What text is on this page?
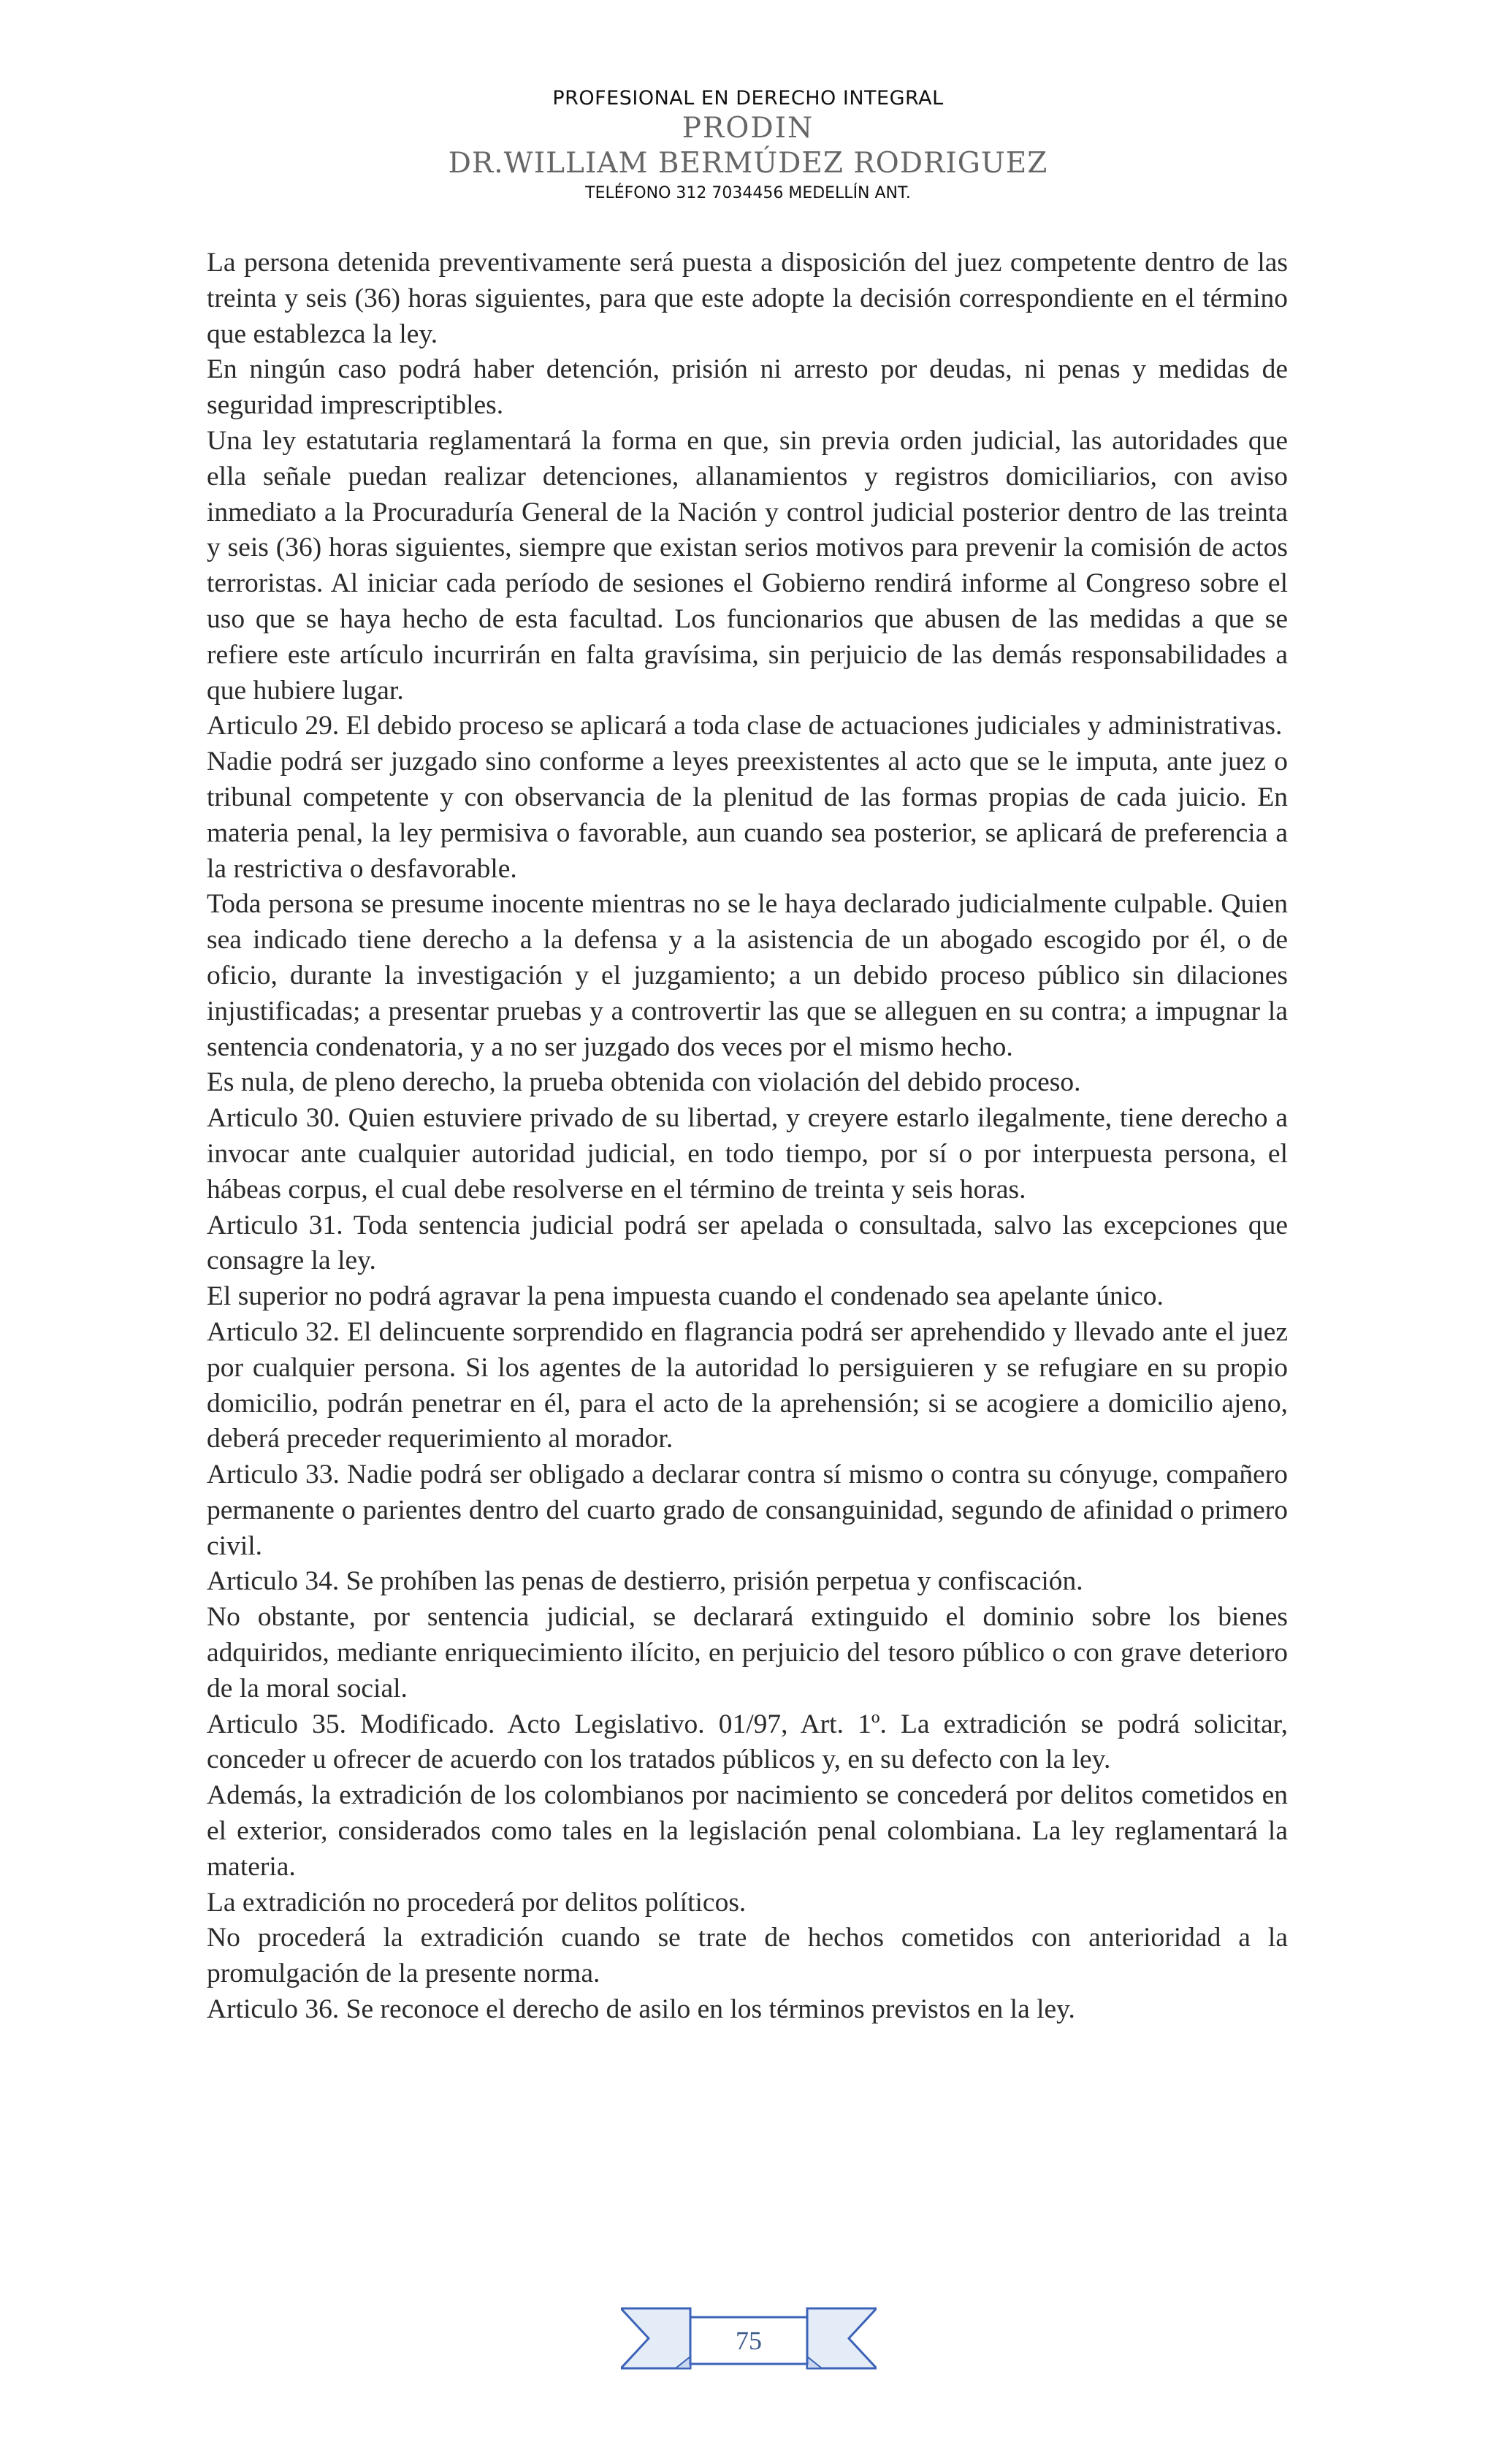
PROFESIONAL EN DERECHO INTEGRAL
PRODIN
DR.WILLIAM BERMÚDEZ RODRIGUEZ
TELÉFONO 312 7034456 MEDELLÍN ANT.

La persona detenida preventivamente será puesta a disposición del juez competente dentro de las treinta y seis (36) horas siguientes, para que este adopte la decisión correspondiente en el término que establezca la ley.

En ningún caso podrá haber detención, prisión ni arresto por deudas, ni penas y medidas de seguridad imprescriptibles.

Una ley estatutaria reglamentará la forma en que, sin previa orden judicial, las autoridades que ella señale puedan realizar detenciones, allanamientos y registros domiciliarios, con aviso inmediato a la Procuraduría General de la Nación y control judicial posterior dentro de las treinta y seis (36) horas siguientes, siempre que existan serios motivos para prevenir la comisión de actos terroristas. Al iniciar cada período de sesiones el Gobierno rendirá informe al Congreso sobre el uso que se haya hecho de esta facultad. Los funcionarios que abusen de las medidas a que se refiere este artículo incurrirán en falta gravísima, sin perjuicio de las demás responsabilidades a que hubiere lugar.

Articulo 29. El debido proceso se aplicará a toda clase de actuaciones judiciales y administrativas.

Nadie podrá ser juzgado sino conforme a leyes preexistentes al acto que se le imputa, ante juez o tribunal competente y con observancia de la plenitud de las formas propias de cada juicio. En materia penal, la ley permisiva o favorable, aun cuando sea posterior, se aplicará de preferencia a la restrictiva o desfavorable.

Toda persona se presume inocente mientras no se le haya declarado judicialmente culpable. Quien sea indicado tiene derecho a la defensa y a la asistencia de un abogado escogido por él, o de oficio, durante la investigación y el juzgamiento; a un debido proceso público sin dilaciones injustificadas; a presentar pruebas y a controvertir las que se alleguen en su contra; a impugnar la sentencia condenatoria, y a no ser juzgado dos veces por el mismo hecho.

Es nula, de pleno derecho, la prueba obtenida con violación del debido proceso.

Articulo 30. Quien estuviere privado de su libertad, y creyere estarlo ilegalmente, tiene derecho a invocar ante cualquier autoridad judicial, en todo tiempo, por sí o por interpuesta persona, el hábeas corpus, el cual debe resolverse en el término de treinta y seis horas.

Articulo 31. Toda sentencia judicial podrá ser apelada o consultada, salvo las excepciones que consagre la ley.

El superior no podrá agravar la pena impuesta cuando el condenado sea apelante único.

Articulo 32. El delincuente sorprendido en flagrancia podrá ser aprehendido y llevado ante el juez por cualquier persona. Si los agentes de la autoridad lo persiguieren y se refugiare en su propio domicilio, podrán penetrar en él, para el acto de la aprehensión; si se acogiere a domicilio ajeno, deberá preceder requerimiento al morador.

Articulo 33. Nadie podrá ser obligado a declarar contra sí mismo o contra su cónyuge, compañero permanente o parientes dentro del cuarto grado de consanguinidad, segundo de afinidad o primero civil.

Articulo 34. Se prohíben las penas de destierro, prisión perpetua y confiscación.

No obstante, por sentencia judicial, se declarará extinguido el dominio sobre los bienes adquiridos, mediante enriquecimiento ilícito, en perjuicio del tesoro público o con grave deterioro de la moral social.

Articulo 35. Modificado. Acto Legislativo. 01/97, Art. 1º. La extradición se podrá solicitar, conceder u ofrecer de acuerdo con los tratados públicos y, en su defecto con la ley.

Además, la extradición de los colombianos por nacimiento se concederá por delitos cometidos en el exterior, considerados como tales en la legislación penal colombiana. La ley reglamentará la materia.

La extradición no procederá por delitos políticos.

No procederá la extradición cuando se trate de hechos cometidos con anterioridad a la promulgación de la presente norma.

Articulo 36. Se reconoce el derecho de asilo en los términos previstos en la ley.

75
